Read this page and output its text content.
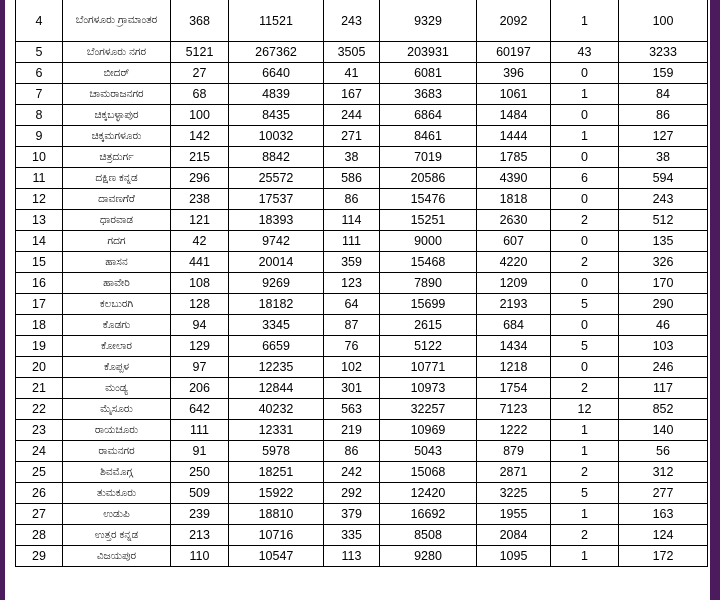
4	ಬೆಂಗಳೂರು ಗ್ರಾಮಾಂತರ	368	11521	243	9329	2092	1	100	
5	ಬೆಂಗಳೂರು ನಗರ	5121	267362	3505	203931	60197	43	3233	
6	ಬೀದರ್	27	6640	41	6081	396	0	159	
7	ಚಾಮರಾಜನಗರ	68	4839	167	3683	1061	1	84	
8	ಚಿಕ್ಕಬಳ್ಳಾಪುರ	100	8435	244	6864	1484	0	86	
9	ಚಿಕ್ಕಮಗಳೂರು	142	10032	271	8461	1444	1	127	
10	ಚಿತ್ರದುರ್ಗ	215	8842	38	7019	1785	0	38	
11	ದಕ್ಷಿಣ ಕನ್ನಡ	296	25572	586	20586	4390	6	594	
12	ದಾವಣಗೆರೆ	238	17537	86	15476	1818	0	243	
13	ಧಾರವಾಡ	121	18393	114	15251	2630	2	512	
14	ಗದಗ	42	9742	111	9000	607	0	135	
15	ಹಾಸನ	441	20014	359	15468	4220	2	326	
16	ಹಾವೇರಿ	108	9269	123	7890	1209	0	170	
17	ಕಲಬುರಗಿ	128	18182	64	15699	2193	5	290	
18	ಕೊಡಗು	94	3345	87	2615	684	0	46	
19	ಕೋಲಾರ	129	6659	76	5122	1434	5	103	
20	ಕೊಪ್ಪಳ	97	12235	102	10771	1218	0	246	
21	ಮಂಡ್ಯ	206	12844	301	10973	1754	2	117	
22	ಮೈಸೂರು	642	40232	563	32257	7123	12	852	
23	ರಾಯಚೂರು	111	12331	219	10969	1222	1	140	
24	ರಾಮನಗರ	91	5978	86	5043	879	1	56	
25	ಶಿವಮೊಗ್ಗ	250	18251	242	15068	2871	2	312	
26	ತುಮಕೂರು	509	15922	292	12420	3225	5	277	
27	ಉಡುಪಿ	239	18810	379	16692	1955	1	163	
28	ಉತ್ತರ ಕನ್ನಡ	213	10716	335	8508	2084	2	124	
29	ವಿಜಯಪುರ	110	10547	113	9280	1095	1	172	
